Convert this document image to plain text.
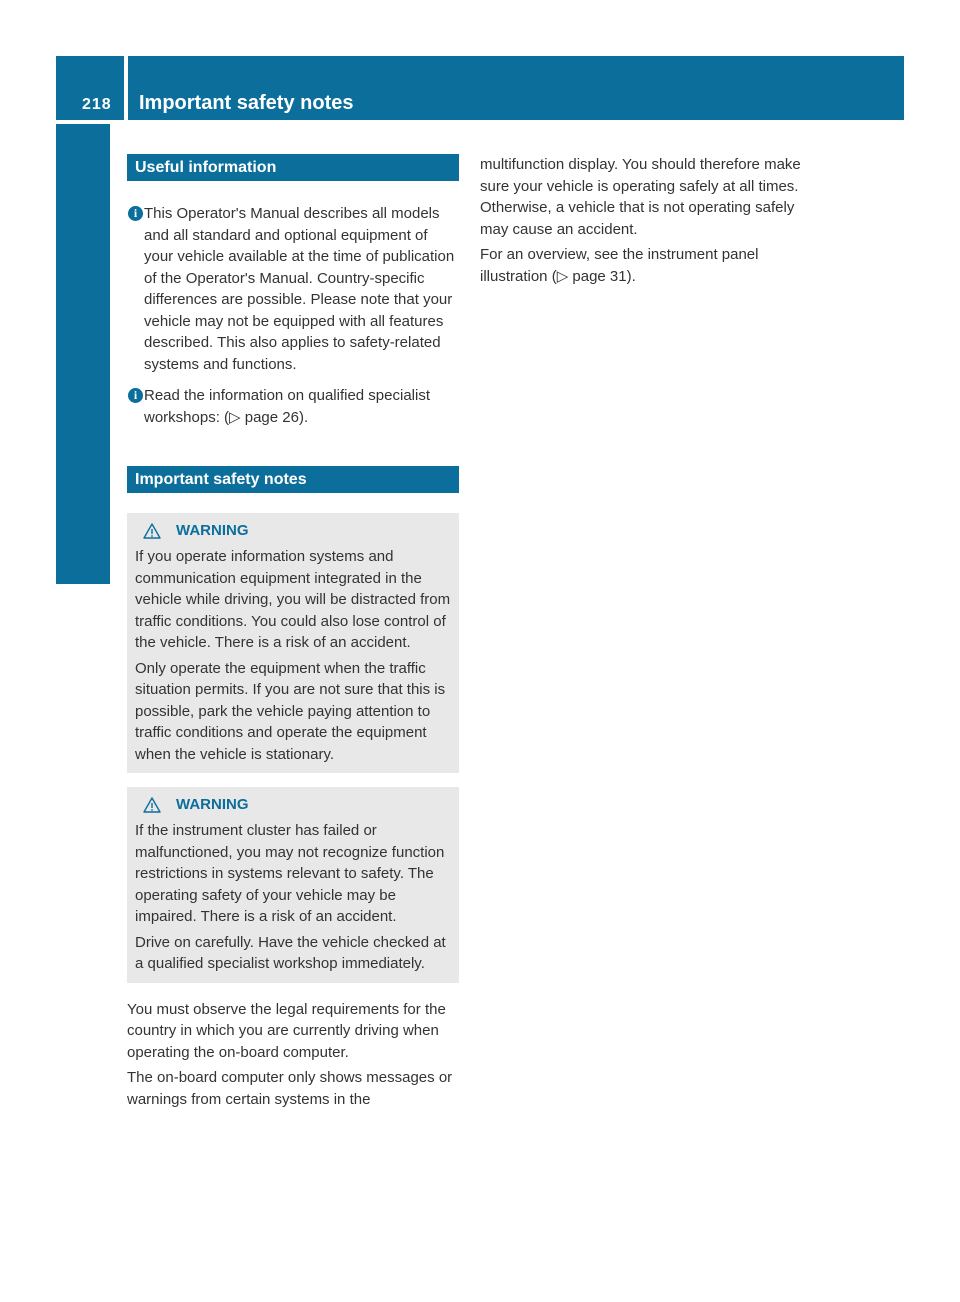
218 Important safety notes
On-board computer and displays
Useful information
i This Operator's Manual describes all models and all standard and optional equipment of your vehicle available at the time of publication of the Operator's Manual. Country-specific differences are possible. Please note that your vehicle may not be equipped with all features described. This also applies to safety-related systems and functions.
i Read the information on qualified specialist workshops: (▷ page 26).
Important safety notes
WARNING

If you operate information systems and communication equipment integrated in the vehicle while driving, you will be distracted from traffic conditions. You could also lose control of the vehicle. There is a risk of an accident.

Only operate the equipment when the traffic situation permits. If you are not sure that this is possible, park the vehicle paying attention to traffic conditions and operate the equipment when the vehicle is stationary.

WARNING

If the instrument cluster has failed or malfunctioned, you may not recognize function restrictions in systems relevant to safety. The operating safety of your vehicle may be impaired. There is a risk of an accident.

Drive on carefully. Have the vehicle checked at a qualified specialist workshop immediately.

You must observe the legal requirements for the country in which you are currently driving when operating the on-board computer.

The on-board computer only shows messages or warnings from certain systems in the

multifunction display. You should therefore make sure your vehicle is operating safely at all times. Otherwise, a vehicle that is not operating safely may cause an accident.

For an overview, see the instrument panel illustration (▷ page 31).
